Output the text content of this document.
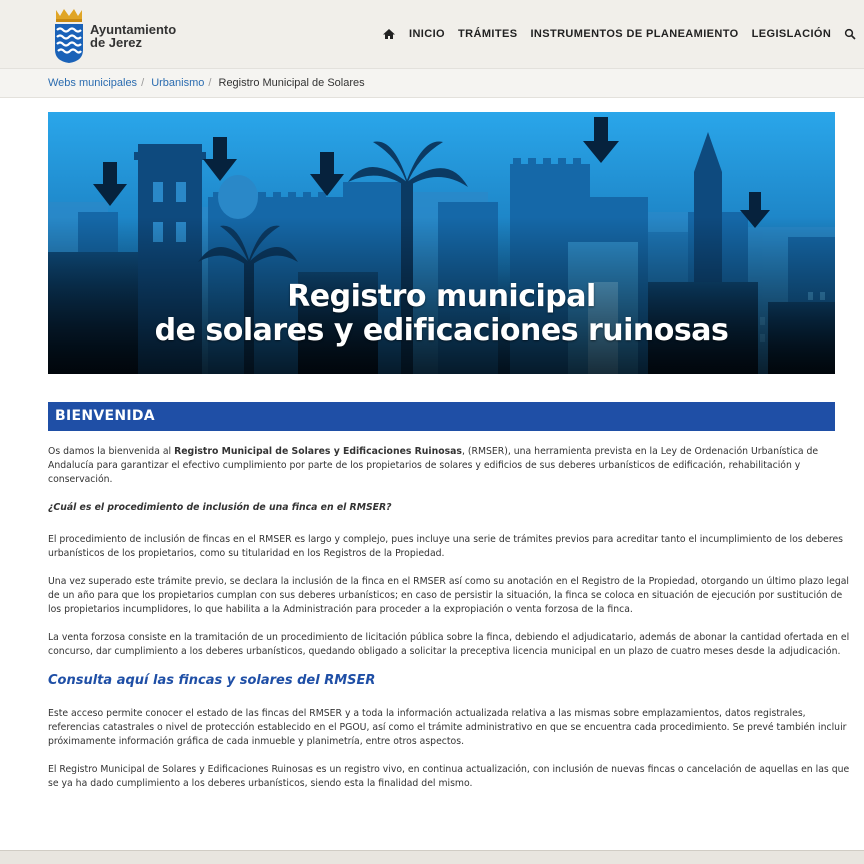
Ayuntamiento
de Jerez
INICIO TRÁMITES INSTRUMENTOS DE PLANEAMIENTO LEGISLACIÓN
Webs municipales / Urbanismo / Registro Municipal de Solares
Registro municipal
de solares y edificaciones ruinosas
BIENVENIDA

Os damos la bienvenida al Registro Municipal de Solares y Edificaciones Ruinosas, (RMSER), una herramienta prevista en la Ley de Ordenación Urbanística de Andalucía para garantizar el efectivo cumplimiento por parte de los propietarios de solares y edificios de sus deberes urbanísticos de edificación, rehabilitación y conservación.

¿Cuál es el procedimiento de inclusión de una finca en el RMSER?

El procedimiento de inclusión de fincas en el RMSER es largo y complejo, pues incluye una serie de trámites previos para acreditar tanto el incumplimiento de los deberes urbanísticos de los propietarios, como su titularidad en los Registros de la Propiedad.

Una vez superado este trámite previo, se declara la inclusión de la finca en el RMSER así como su anotación en el Registro de la Propiedad, otorgando un último plazo legal de un año para que los propietarios cumplan con sus deberes urbanísticos; en caso de persistir la situación, la finca se coloca en situación de ejecución por sustitución de los propietarios incumplidores, lo que habilita a la Administración para proceder a la expropiación o venta forzosa de la finca.

La venta forzosa consiste en la tramitación de un procedimiento de licitación pública sobre la finca, debiendo el adjudicatario, además de abonar la cantidad ofertada en el concurso, dar cumplimiento a los deberes urbanísticos, quedando obligado a solicitar la preceptiva licencia municipal en un plazo de cuatro meses desde la adjudicación.

Consulta aquí las fincas y solares del RMSER

Este acceso permite conocer el estado de las fincas del RMSER y a toda la información actualizada relativa a las mismas sobre emplazamientos, datos registrales, referencias catastrales o nivel de protección establecido en el PGOU, así como el trámite administrativo en que se encuentra cada procedimiento. Se prevé también incluir próximamente información gráfica de cada inmueble y planimetría, entre otros aspectos.

El Registro Municipal de Solares y Edificaciones Ruinosas es un registro vivo, en continua actualización, con inclusión de nuevas fincas o cancelación de aquellas en las que se ya ha dado cumplimiento a los deberes urbanísticos, siendo esta la finalidad del mismo.
